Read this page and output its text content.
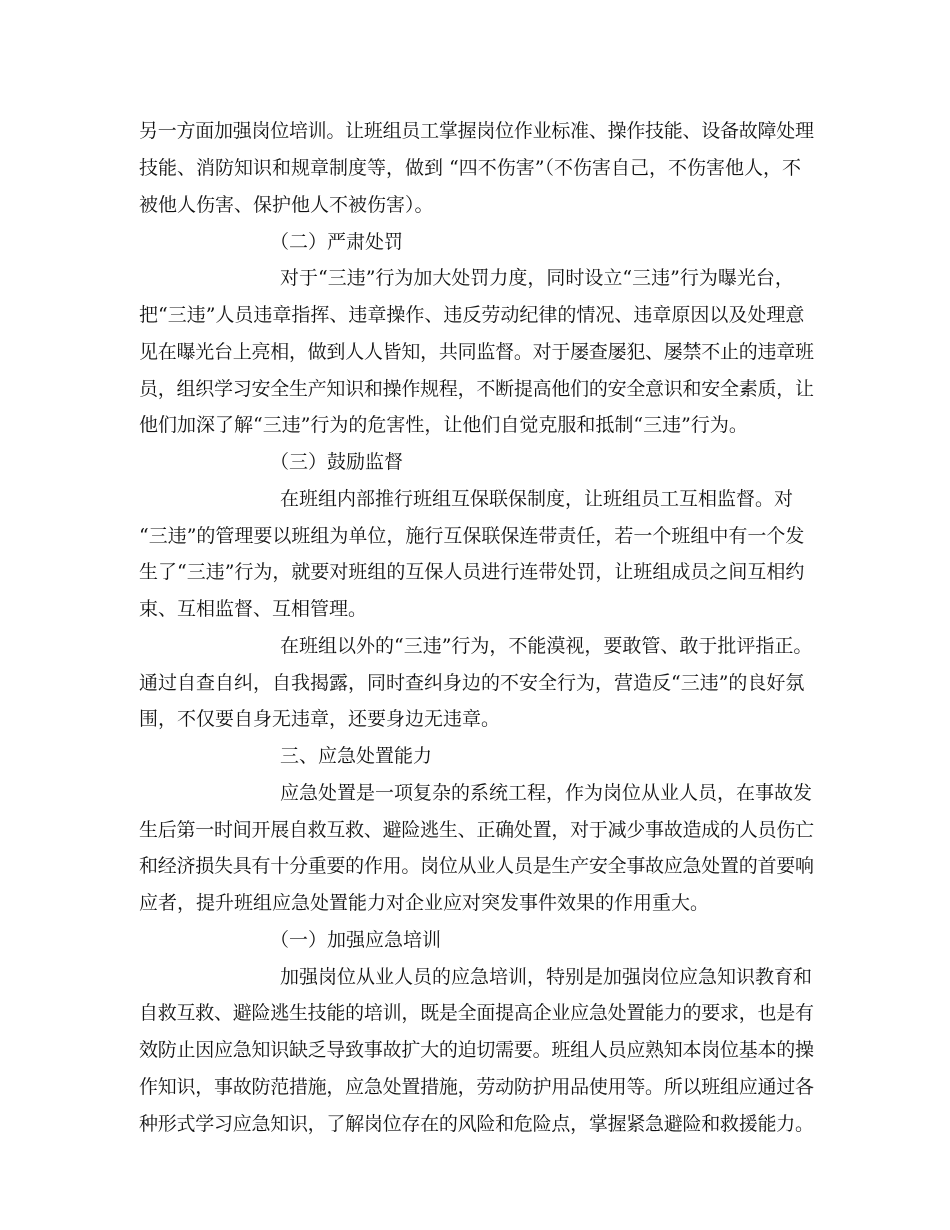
另一方面加强岗位培训。让班组员工掌握岗位作业标准、操作技能、设备故障处理
技能、消防知识和规章制度等，做到 “四不伤害”（不伤害自己，不伤害他人，不
被他人伤害、保护他人不被伤害）。
（二）严肃处罚
对于“三违”行为加大处罚力度，同时设立“三违”行为曝光台，
把“三违”人员违章指挥、违章操作、违反劳动纪律的情况、违章原因以及处理意
见在曝光台上亮相，做到人人皆知，共同监督。对于屡查屡犯、屡禁不止的违章班
员，组织学习安全生产知识和操作规程，不断提高他们的安全意识和安全素质，让
他们加深了解“三违”行为的危害性，让他们自觉克服和抵制“三违”行为。
（三）鼓励监督
在班组内部推行班组互保联保制度，让班组员工互相监督。对
“三违”的管理要以班组为单位，施行互保联保连带责任，若一个班组中有一个发
生了“三违”行为，就要对班组的互保人员进行连带处罚，让班组成员之间互相约
束、互相监督、互相管理。
在班组以外的“三违”行为，不能漠视，要敢管、敢于批评指正。
通过自查自纠，自我揭露，同时查纠身边的不安全行为，营造反“三违”的良好氛
围，不仅要自身无违章，还要身边无违章。
三、应急处置能力
应急处置是一项复杂的系统工程，作为岗位从业人员，在事故发
生后第一时间开展自救互救、避险逃生、正确处置，对于减少事故造成的人员伤亡
和经济损失具有十分重要的作用。岗位从业人员是生产安全事故应急处置的首要响
应者，提升班组应急处置能力对企业应对突发事件效果的作用重大。
（一）加强应急培训
加强岗位从业人员的应急培训，特别是加强岗位应急知识教育和
自救互救、避险逃生技能的培训，既是全面提高企业应急处置能力的要求，也是有
效防止因应急知识缺乏导致事故扩大的迫切需要。班组人员应熟知本岗位基本的操
作知识，事故防范措施，应急处置措施，劳动防护用品使用等。所以班组应通过各
种形式学习应急知识，了解岗位存在的风险和危险点，掌握紧急避险和救援能力。
